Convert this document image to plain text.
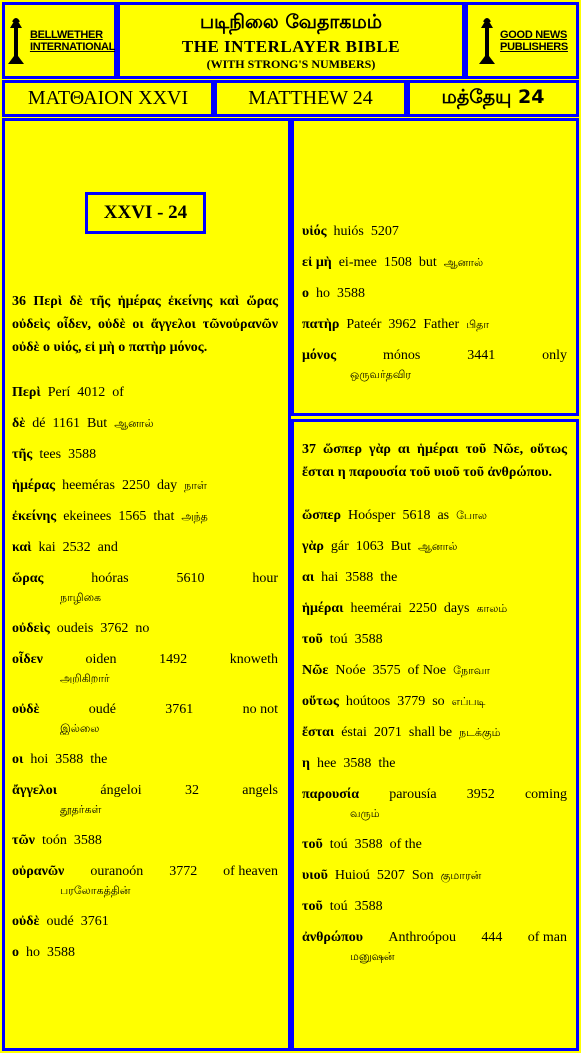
BELLWETHER
INTERNATIONAL
படிநிலை வேதாகமம்
THE INTERLAYER BIBLE
(WITH STRONG'S NUMBERS)
GOOD NEWS
PUBLISHERS
ΜΑΤΘΑΙΟΝ XXVI	MATTHEW 24	மத்தேயு 24
XXVI - 24
36 Περὶ δὲ τῆς ἡμέρας ἐκείνης καὶ ὥρας οὐδεὶς οἶδεν, οὐδὲ οι ἄγγελοι τῶνοὐρανῶν οὐδὲ ο υἱός, εἰ μὴ ο πατὴρ μόνος.
Περὶ Perí 4012 of
δὲ dé 1161 But ஆனால்
τῆς tees 3588
ἡμέρας heeméras 2250 day நாள்
ἐκείνης ekeinees 1565 that அந்த
καὶ kai 2532 and
ὥρας	hoóras	5610	hour
நாழிகை
οὐδεὶς oudeis 3762 no
οἶδεν	oiden	1492	knoweth
அறிகிறார்
οὐδὲ	oudé	3761	no not
இல்லை
οι hoi 3588 the
ἄγγελοι	ángeloi	32	angels
தூதர்கள்
τῶν toón 3588
οὐρανῶν ouranoón 3772 of heaven
பரலோகத்தின்
οὐδὲ oudé 3761
ο ho 3588
υἱός huiós 5207
εἰ μὴ ei-mee 1508 but ஆனால்
ο ho 3588
πατὴρ Pateér 3962 Father பிதா
μόνος	mónos	3441	only
ஒருவர்தவிர
37 ὥσπερ γὰρ αι ἡμέραι τοῦ Νῶε, οὕτως ἔσται η παρουσία τοῦ υιοῦ τοῦ ἀνθρώπου.
ὥσπερ Hoósper 5618 as போல
γὰρ gár 1063 But ஆனால்
αι hai 3588 the
ἡμέραι heemérai 2250 days காலம்
τοῦ toú 3588
Νῶε Noóe 3575 of Noe நோவா
οὕτως hoútoos 3779 so எப்படி
ἔσται éstai 2071 shall be நடக்கும்
η hee 3588 the
παρουσία parousía 3952 coming
வரும்
τοῦ toú 3588 of the
υιοῦ Huioú 5207 Son குமாரன்
τοῦ toú 3588
ἀνθρώπου Anthroópou 444 of man
மனுஷன்
